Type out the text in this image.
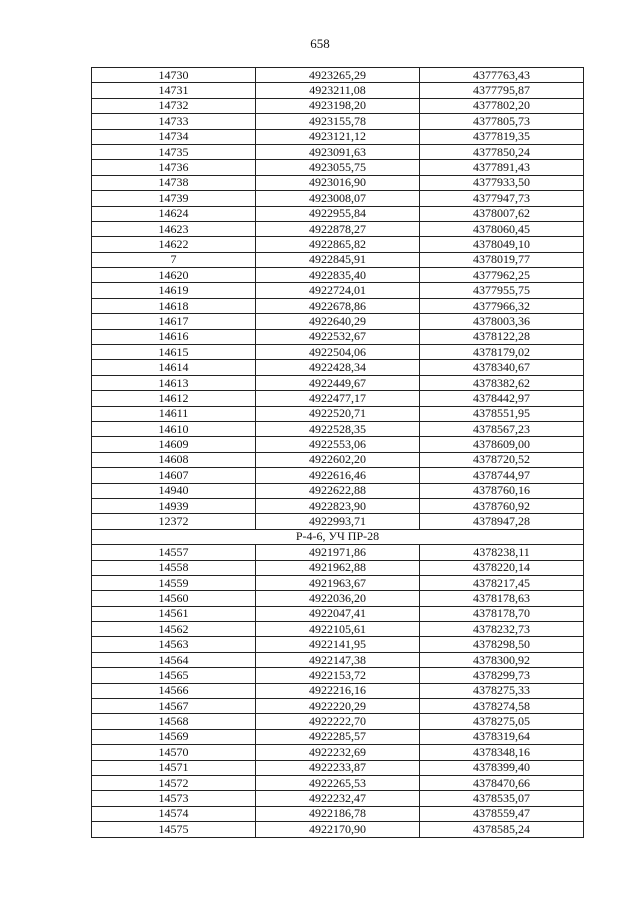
658
14730	4923265,29	4377763,43
14731	4923211,08	4377795,87
14732	4923198,20	4377802,20
14733	4923155,78	4377805,73
14734	4923121,12	4377819,35
14735	4923091,63	4377850,24
14736	4923055,75	4377891,43
14738	4923016,90	4377933,50
14739	4923008,07	4377947,73
14624	4922955,84	4378007,62
14623	4922878,27	4378060,45
14622	4922865,82	4378049,10
7	4922845,91	4378019,77
14620	4922835,40	4377962,25
14619	4922724,01	4377955,75
14618	4922678,86	4377966,32
14617	4922640,29	4378003,36
14616	4922532,67	4378122,28
14615	4922504,06	4378179,02
14614	4922428,34	4378340,67
14613	4922449,67	4378382,62
14612	4922477,17	4378442,97
14611	4922520,71	4378551,95
14610	4922528,35	4378567,23
14609	4922553,06	4378609,00
14608	4922602,20	4378720,52
14607	4922616,46	4378744,97
14940	4922622,88	4378760,16
14939	4922823,90	4378760,92
12372	4922993,71	4378947,28
Р-4-6, УЧ ПР-28		
14557	4921971,86	4378238,11
14558	4921962,88	4378220,14
14559	4921963,67	4378217,45
14560	4922036,20	4378178,63
14561	4922047,41	4378178,70
14562	4922105,61	4378232,73
14563	4922141,95	4378298,50
14564	4922147,38	4378300,92
14565	4922153,72	4378299,73
14566	4922216,16	4378275,33
14567	4922220,29	4378274,58
14568	4922222,70	4378275,05
14569	4922285,57	4378319,64
14570	4922232,69	4378348,16
14571	4922233,87	4378399,40
14572	4922265,53	4378470,66
14573	4922232,47	4378535,07
14574	4922186,78	4378559,47
14575	4922170,90	4378585,24
